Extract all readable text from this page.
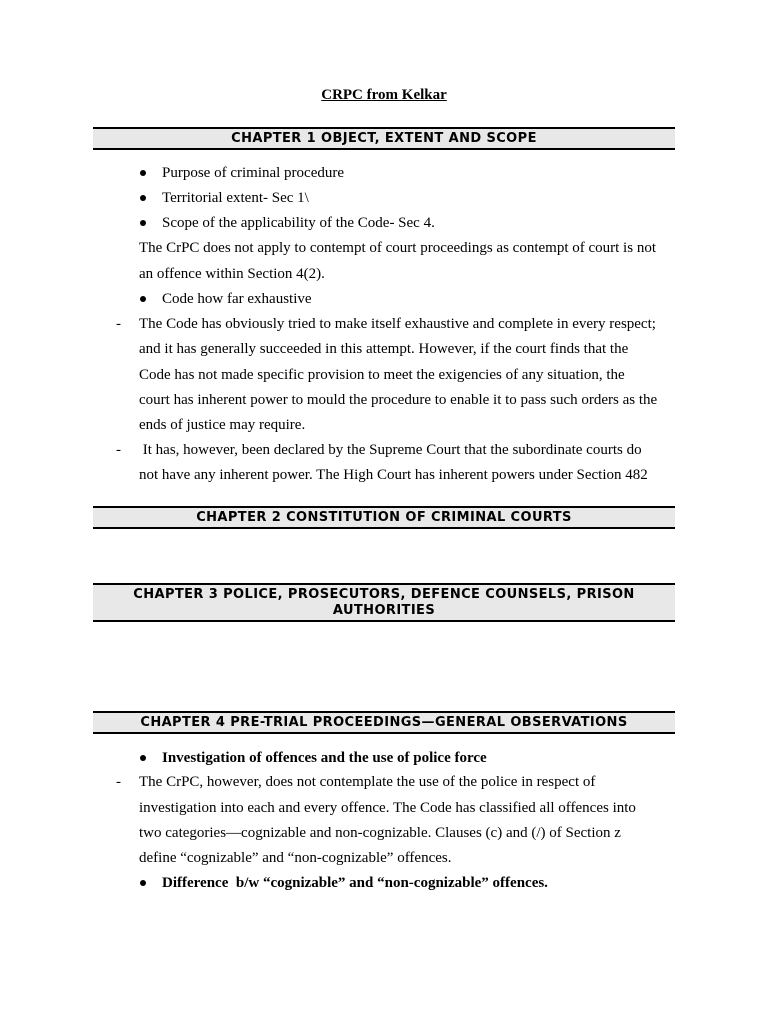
CRPC from Kelkar
CHAPTER 1 OBJECT, EXTENT AND SCOPE
Purpose of criminal procedure
Territorial extent- Sec 1\
Scope of the applicability of the Code- Sec 4.
The CrPC does not apply to contempt of court proceedings as contempt of court is not
an offence within Section 4(2).
Code how far exhaustive
- The Code has obviously tried to make itself exhaustive and complete in every respect;
and it has generally succeeded in this attempt. However, if the court finds that the
Code has not made specific provision to meet the exigencies of any situation, the
court has inherent power to mould the procedure to enable it to pass such orders as the
ends of justice may require.
- It has, however, been declared by the Supreme Court that the subordinate courts do
not have any inherent power. The High Court has inherent powers under Section 482
CHAPTER 2 CONSTITUTION OF CRIMINAL COURTS
CHAPTER 3 POLICE, PROSECUTORS, DEFENCE COUNSELS, PRISON
AUTHORITIES
CHAPTER 4 PRE-TRIAL PROCEEDINGS—GENERAL OBSERVATIONS
Investigation of offences and the use of police force
- The CrPC, however, does not contemplate the use of the police in respect of
investigation into each and every offence. The Code has classified all offences into
two categories—cognizable and non-cognizable. Clauses (c) and (/) of Section z
define “cognizable” and “non-cognizable” offences.
Difference  b/w “cognizable” and “non-cognizable” offences.
